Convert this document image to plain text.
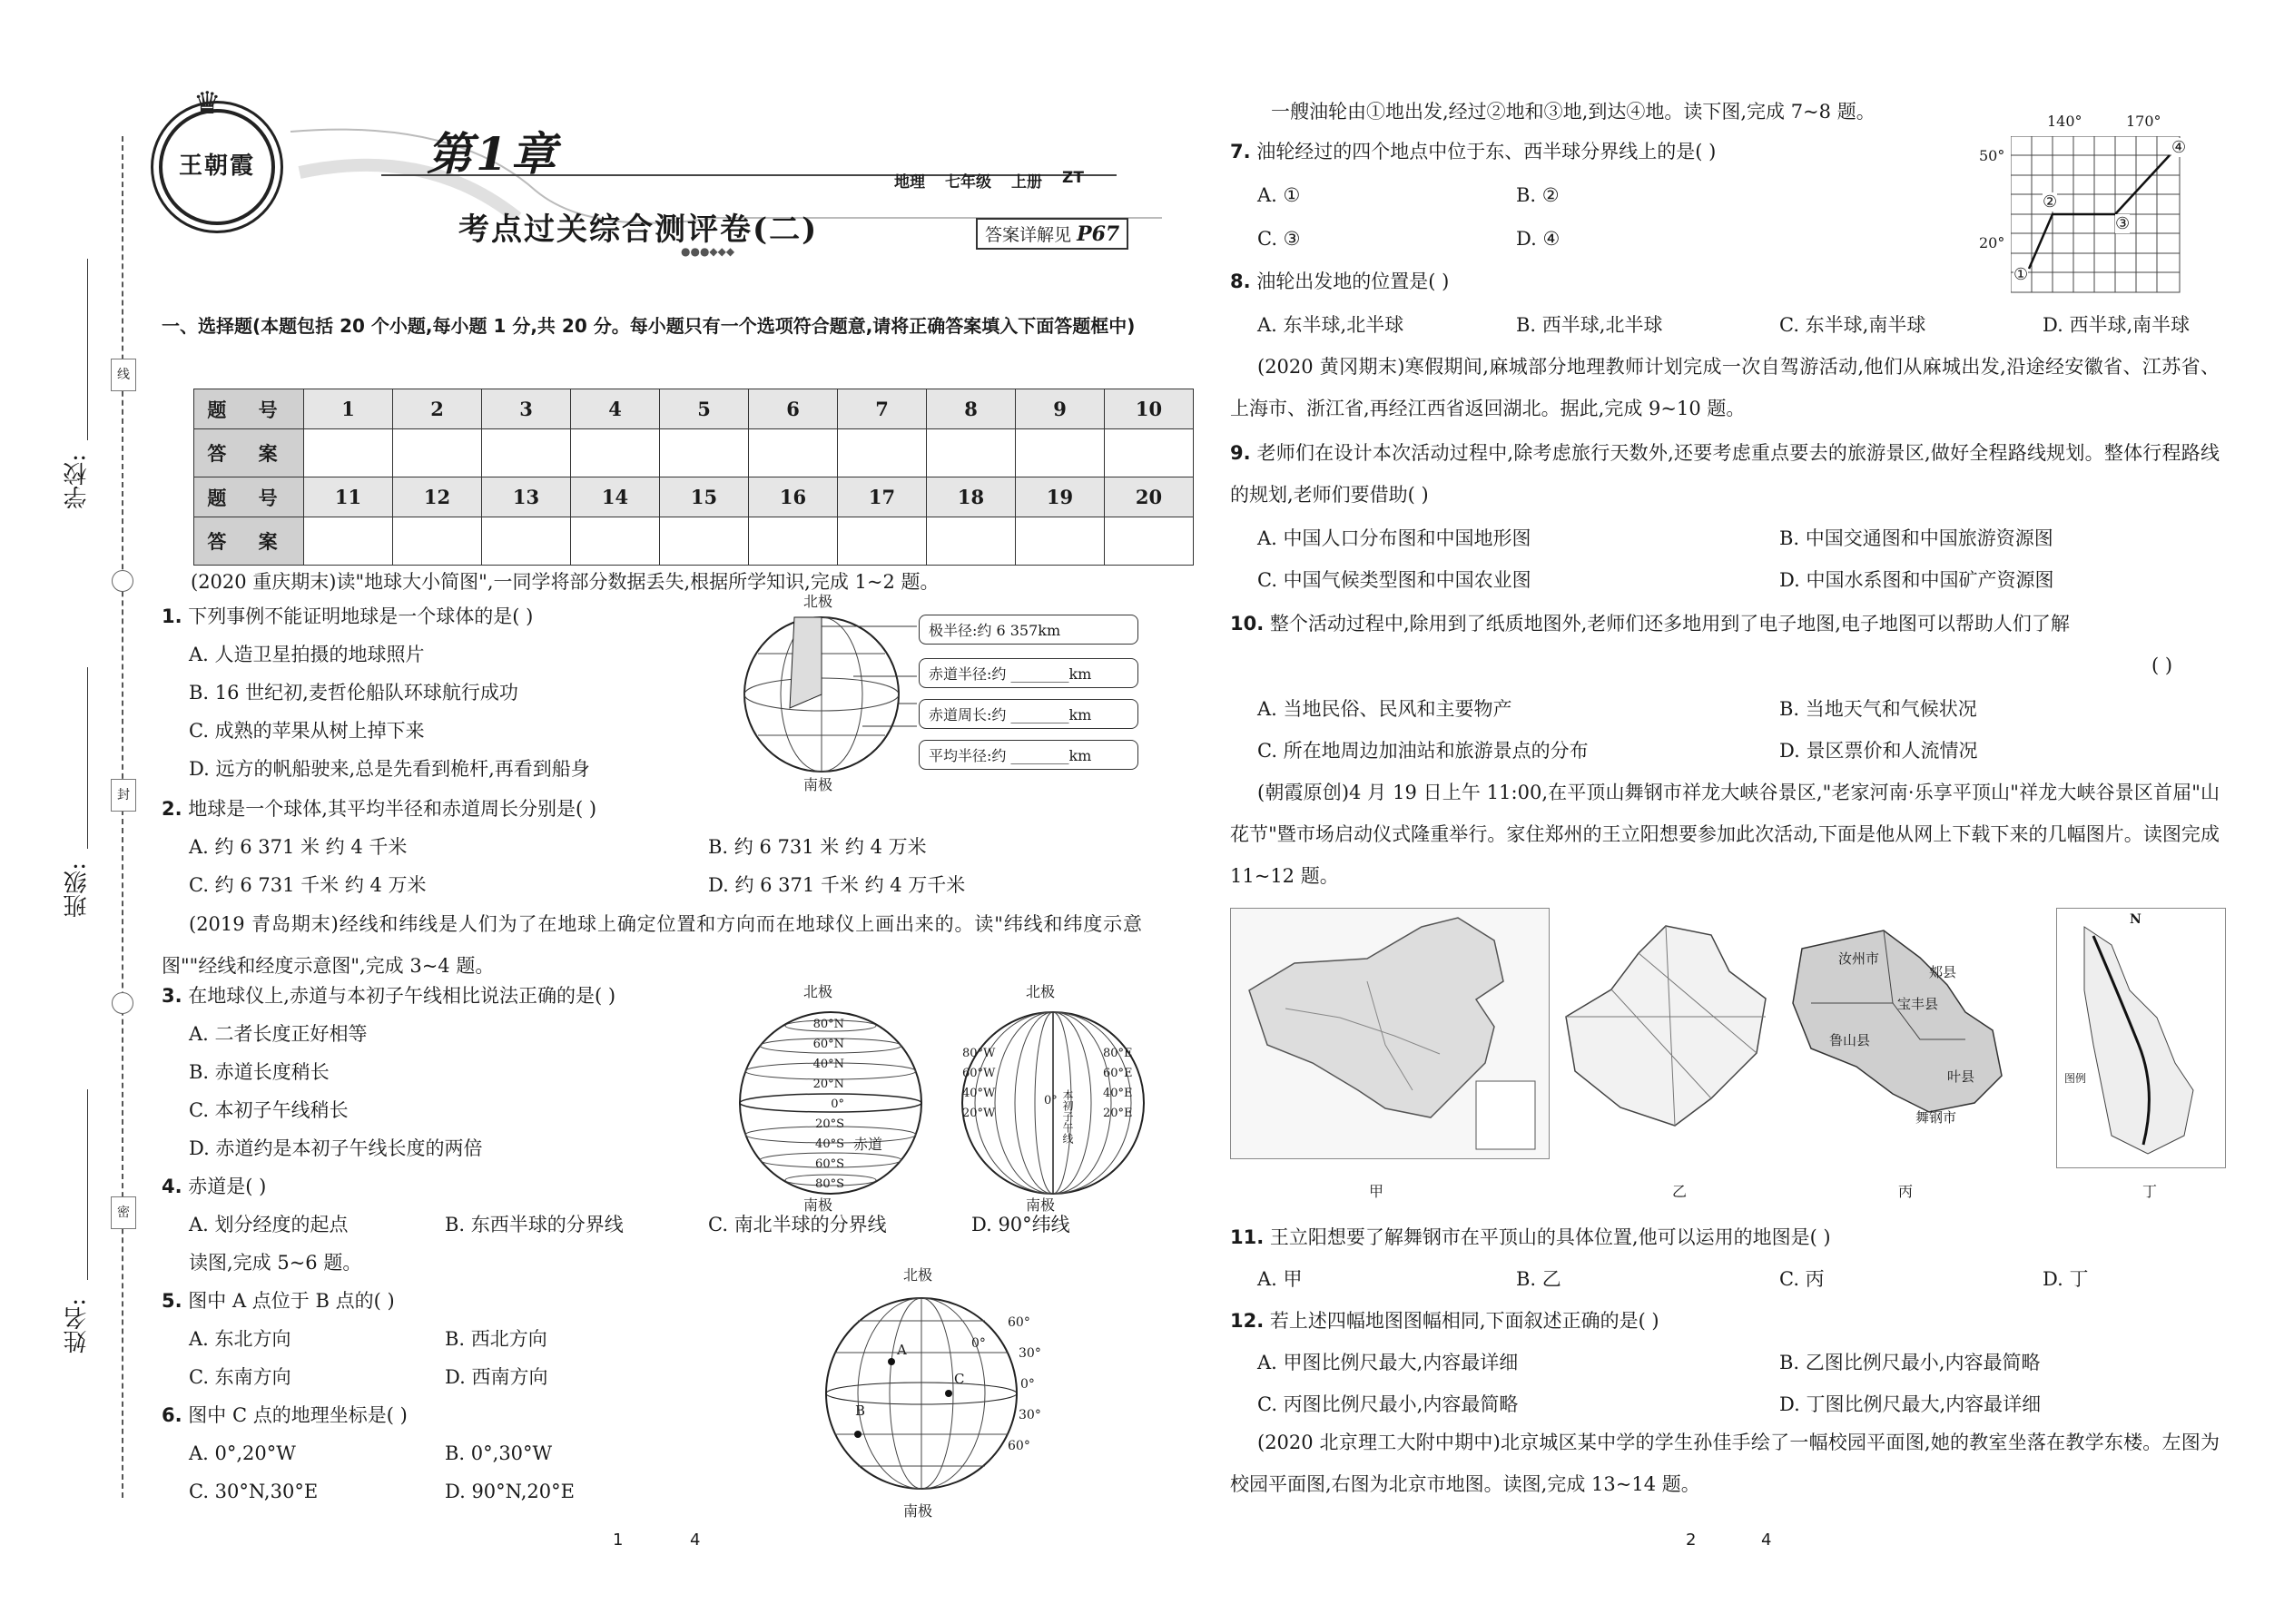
学校:
班级:
姓名:
线
封
密
♛
王朝霞	第1章
地理 七年级 上册 ZT
考点过关综合测评卷(二)	答案详解见 P67
●●●◆◆◆
一、选择题(本题包括 20 个小题,每小题 1 分,共 20 分。每小题只有一个选项符合题意,请将正确答案填入下面答题框中)
题 号	1	2	3	4	5	6	7	8	9	10
答 案										
题 号	11	12	13	14	15	16	17	18	19	20
答 案										
(2020 重庆期末)读"地球大小简图",一同学将部分数据丢失,根据所学知识,完成 1~2 题。
1. 下列事例不能证明地球是一个球体的是( )
A. 人造卫星拍摄的地球照片
B. 16 世纪初,麦哲伦船队环球航行成功
C. 成熟的苹果从树上掉下来
D. 远方的帆船驶来,总是先看到桅杆,再看到船身
北极
南极
极半径:约 6 357km
赤道半径:约 ________km
赤道周长:约 ________km
平均半径:约 ________km
2. 地球是一个球体,其平均半径和赤道周长分别是( )
A. 约 6 371 米 约 4 千米	B. 约 6 731 米 约 4 万米
C. 约 6 731 千米 约 4 万米	D. 约 6 371 千米 约 4 万千米
(2019 青岛期末)经线和纬线是人们为了在地球上确定位置和方向而在地球仪上画出来的。读"纬线和纬度示意图""经线和经度示意图",完成 3~4 题。
3. 在地球仪上,赤道与本初子午线相比说法正确的是( )
A. 二者长度正好相等
B. 赤道长度稍长
C. 本初子午线稍长
D. 赤道约是本初子午线长度的两倍
北极
南极
赤道
80°N
60°N
40°N
20°N
0°
20°S
40°S
60°S
80°S
北极
南极
本初子午线
80°W
60°W
40°W
20°W
0°
80°E
60°E
40°E
20°E
4. 赤道是( )
A. 划分经度的起点	B. 东西半球的分界线	C. 南北半球的分界线	D. 90°纬线
读图,完成 5~6 题。
5. 图中 A 点位于 B 点的( )
A. 东北方向	B. 西北方向
C. 东南方向	D. 西南方向
6. 图中 C 点的地理坐标是( )
A. 0°,20°W	B. 0°,30°W
C. 30°N,30°E	D. 90°N,20°E
北极
南极
A
B
C
60°
30°
0°
30°
60°
0°
1	4
一艘油轮由①地出发,经过②地和③地,到达④地。读下图,完成 7~8 题。
7. 油轮经过的四个地点中位于东、西半球分界线上的是( )
A. ①	B. ②
C. ③	D. ④
140°	170°
50°
20°
①
②
③
④
8. 油轮出发地的位置是( )
A. 东半球,北半球	B. 西半球,北半球	C. 东半球,南半球	D. 西半球,南半球
(2020 黄冈期末)寒假期间,麻城部分地理教师计划完成一次自驾游活动,他们从麻城出发,沿途经安徽省、江苏省、上海市、浙江省,再经江西省返回湖北。据此,完成 9~10 题。
9. 老师们在设计本次活动过程中,除考虑旅行天数外,还要考虑重点要去的旅游景区,做好全程路线规划。整体行程路线的规划,老师们要借助( )
A. 中国人口分布图和中国地形图	B. 中国交通图和中国旅游资源图
C. 中国气候类型图和中国农业图	D. 中国水系图和中国矿产资源图
10. 整个活动过程中,除用到了纸质地图外,老师们还多地用到了电子地图,电子地图可以帮助人们了解
( )
A. 当地民俗、民风和主要物产	B. 当地天气和气候状况
C. 所在地周边加油站和旅游景点的分布	D. 景区票价和人流情况
(朝霞原创)4 月 19 日上午 11:00,在平顶山舞钢市祥龙大峡谷景区,"老家河南·乐享平顶山"祥龙大峡谷景区首届"山花节"暨市场启动仪式隆重举行。家住郑州的王立阳想要参加此次活动,下面是他从网上下载下来的几幅图片。读图完成 11~12 题。
汝州市
郏县
宝丰县
鲁山县
叶县
舞钢市
N
图例
甲	乙	丙	丁
11. 王立阳想要了解舞钢市在平顶山的具体位置,他可以运用的地图是( )
A. 甲	B. 乙	C. 丙	D. 丁
12. 若上述四幅地图图幅相同,下面叙述正确的是( )
A. 甲图比例尺最大,内容最详细	B. 乙图比例尺最小,内容最简略
C. 丙图比例尺最小,内容最简略	D. 丁图比例尺最大,内容最详细
(2020 北京理工大附中期中)北京城区某中学的学生孙佳手绘了一幅校园平面图,她的教室坐落在教学东楼。左图为校园平面图,右图为北京市地图。读图,完成 13~14 题。
2	4
